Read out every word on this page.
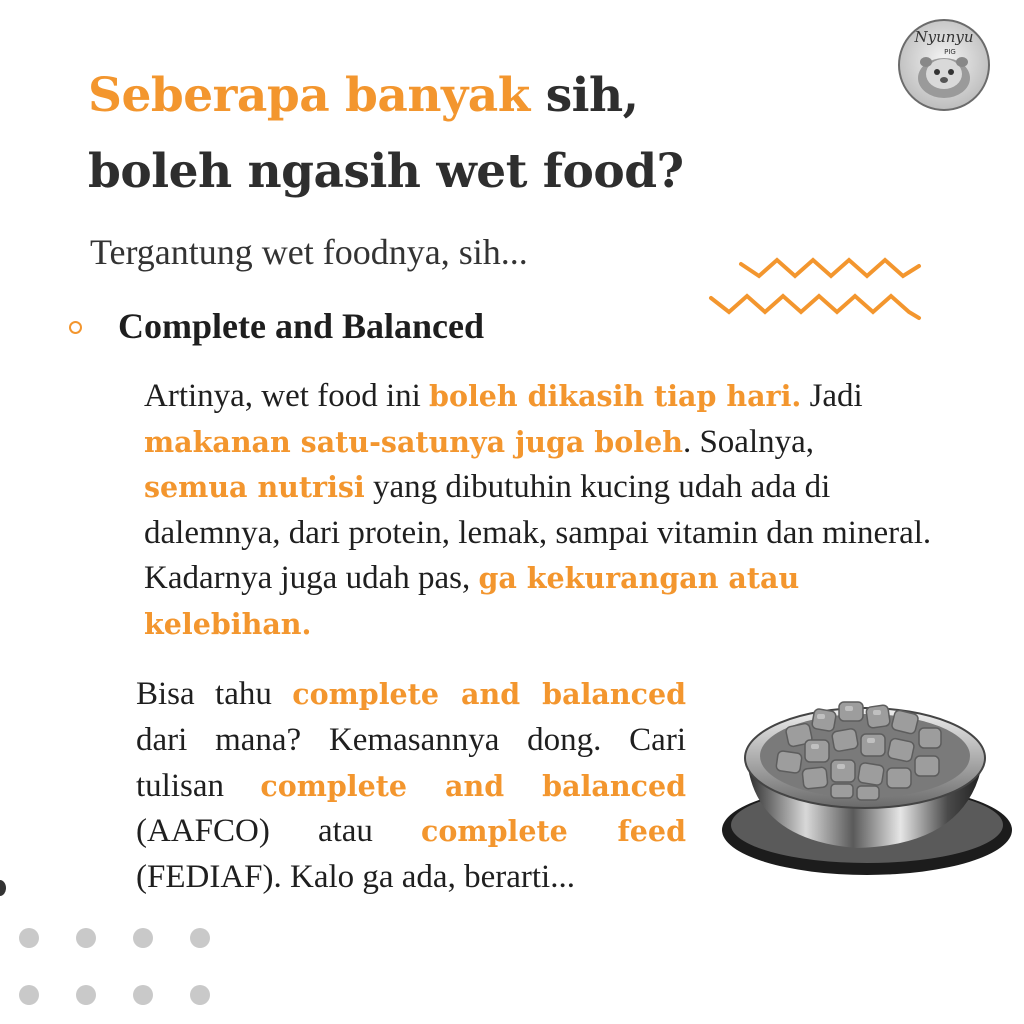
Nyunyu
PIG
Seberapa banyak sih,
boleh ngasih wet food?

Tergantung wet foodnya, sih...

Complete and Balanced

Artinya, wet food ini boleh dikasih tiap hari. Jadi
makanan satu-satunya juga boleh. Soalnya,
semua nutrisi yang dibutuhin kucing udah ada di dalemnya, dari protein, lemak, sampai vitamin dan mineral. Kadarnya juga udah pas, ga kekurangan atau kelebihan.

Bisa tahu complete and balanced dari mana? Kemasannya dong. Cari tulisan complete and balanced (AAFCO) atau complete feed (FEDIAF). Kalo ga ada, berarti...
